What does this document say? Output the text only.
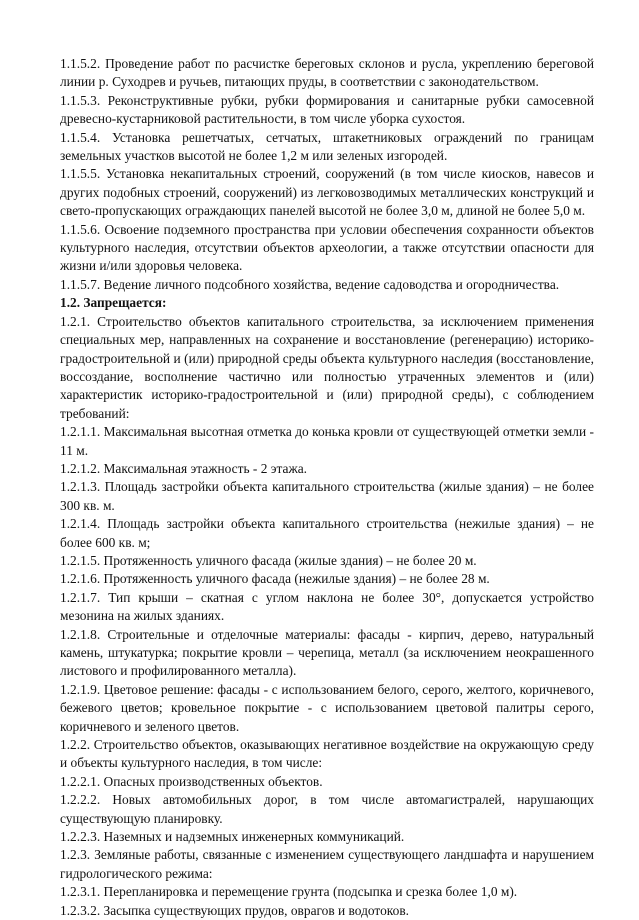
1.1.5.2. Проведение работ по расчистке береговых склонов и русла, укреплению береговой линии р. Суходрев и ручьев, питающих пруды, в соответствии с законодательством.

1.1.5.3. Реконструктивные рубки, рубки формирования и санитарные рубки самосевной древесно-кустарниковой растительности, в том числе уборка сухостоя.

1.1.5.4. Установка решетчатых, сетчатых, штакетниковых ограждений по границам земельных участков высотой не более 1,2 м или зеленых изгородей.

1.1.5.5. Установка некапитальных строений, сооружений (в том числе киосков, навесов и других подобных строений, сооружений) из легковозводимых металлических конструкций и свето-пропускающих ограждающих панелей высотой не более 3,0 м, длиной не более 5,0 м.

1.1.5.6. Освоение подземного пространства при условии обеспечения сохранности объектов культурного наследия, отсутствии объектов археологии, а также отсутствии опасности для жизни и/или здоровья человека.

1.1.5.7. Ведение личного подсобного хозяйства, ведение садоводства и огородничества.

1.2. Запрещается:

1.2.1. Строительство объектов капитального строительства, за исключением применения специальных мер, направленных на сохранение и восстановление (регенерацию) историко-градостроительной и (или) природной среды объекта культурного наследия (восстановление, воссоздание, восполнение частично или полностью утраченных элементов и (или) характеристик историко-градостроительной и (или) природной среды), с соблюдением требований:

1.2.1.1. Максимальная высотная отметка до конька кровли от существующей отметки земли - 11 м.

1.2.1.2. Максимальная этажность - 2 этажа.

1.2.1.3. Площадь застройки объекта капитального строительства (жилые здания) – не более 300 кв. м.

1.2.1.4. Площадь застройки объекта капитального строительства (нежилые здания) – не более 600 кв. м;

1.2.1.5. Протяженность уличного фасада (жилые здания) – не более 20 м.

1.2.1.6. Протяженность уличного фасада (нежилые здания) – не более 28 м.

1.2.1.7. Тип крыши – скатная с углом наклона не более 30°, допускается устройство мезонина на жилых зданиях.

1.2.1.8. Строительные и отделочные материалы: фасады - кирпич, дерево, натуральный камень, штукатурка; покрытие кровли – черепица, металл (за исключением неокрашенного листового и профилированного металла).

1.2.1.9. Цветовое решение: фасады - с использованием белого, серого, желтого, коричневого, бежевого цветов; кровельное покрытие - с использованием цветовой палитры серого, коричневого и зеленого цветов.

1.2.2. Строительство объектов, оказывающих негативное воздействие на окружающую среду и объекты культурного наследия, в том числе:

1.2.2.1. Опасных производственных объектов.

1.2.2.2. Новых автомобильных дорог, в том числе автомагистралей, нарушающих существующую планировку.

1.2.2.3. Наземных и надземных инженерных коммуникаций.

1.2.3. Земляные работы, связанные с изменением существующего ландшафта и нарушением гидрологического режима:

1.2.3.1. Перепланировка и перемещение грунта (подсыпка и срезка более 1,0 м).

1.2.3.2. Засыпка существующих прудов, оврагов и водотоков.
